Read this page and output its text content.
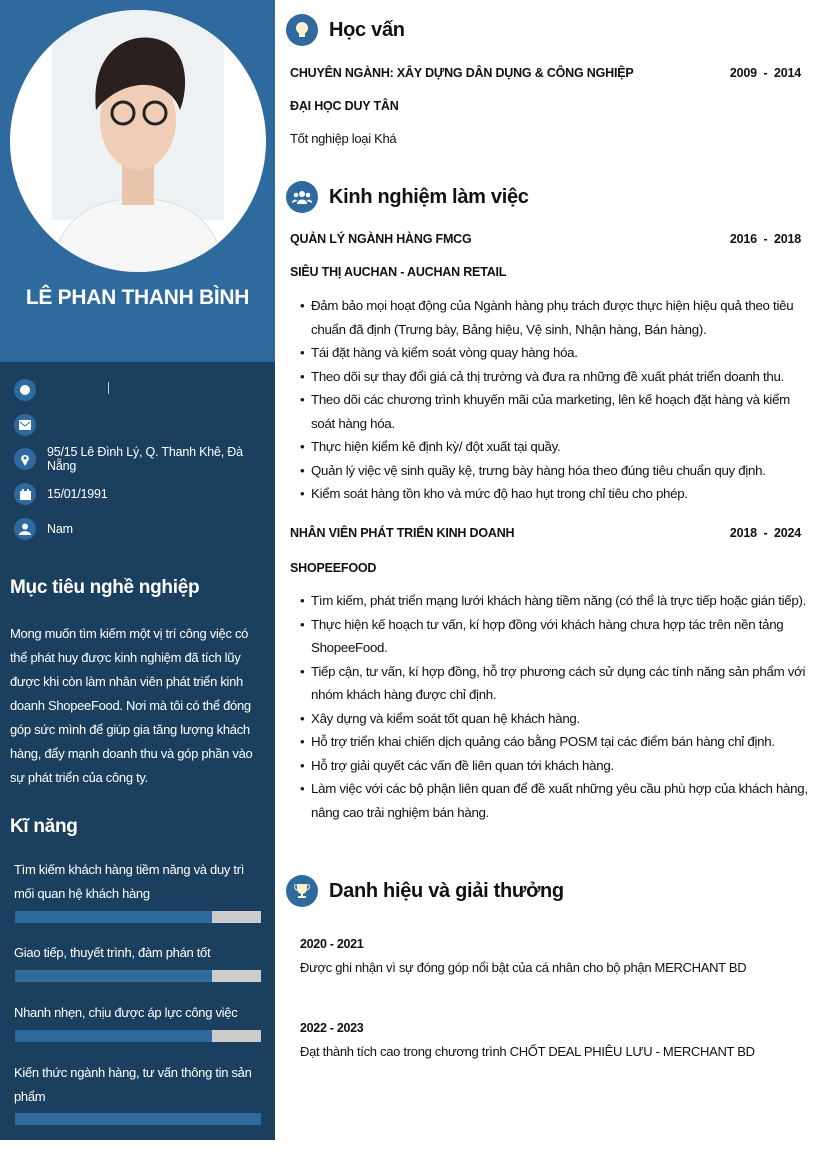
LÊ PHAN THANH BÌNH
95/15 Lê Đình Lý, Q. Thanh Khê, Đà Nẵng
15/01/1991
Nam
Mục tiêu nghề nghiệp
Mong muốn tìm kiếm một vị trí công việc có thể phát huy được kinh nghiệm đã tích lũy được khi còn làm nhân viên phát triển kinh doanh ShopeeFood. Nơi mà tôi có thể đóng góp sức mình để giúp gia tăng lượng khách hàng, đẩy mạnh doanh thu và góp phần vào sự phát triển của công ty.
Kĩ năng
Tìm kiếm khách hàng tiềm năng và duy trì mối quan hệ khách hàng
Giao tiếp, thuyết trình, đàm phán tốt
Nhanh nhẹn, chịu được áp lực công việc
Kiến thức ngành hàng, tư vấn thông tin sản phẩm
Học vấn
CHUYÊN NGÀNH: XÂY DỰNG DÂN DỤNG & CÔNG NGHIỆP	2009  -  2014
ĐẠI HỌC DUY TÂN
Tốt nghiệp loại Khá
Kinh nghiệm làm việc
QUẢN LÝ NGÀNH HÀNG FMCG	2016  -  2018
SIÊU THỊ AUCHAN - AUCHAN RETAIL
• Đảm bảo mọi hoạt động của Ngành hàng phụ trách được thực hiện hiệu quả theo tiêu chuẩn đã định (Trưng bày, Bảng hiệu, Vệ sinh, Nhận hàng, Bán hàng).
• Tái đặt hàng và kiểm soát vòng quay hàng hóa.
• Theo dõi sự thay đổi giá cả thị trường và đưa ra những đề xuất phát triển doanh thu.
• Theo dõi các chương trình khuyến mãi của marketing, lên kế hoạch đặt hàng và kiểm soát hàng hóa.
• Thực hiện kiểm kê định kỳ/ đột xuất tại quầy.
• Quản lý việc vệ sinh quầy kệ, trưng bày hàng hóa theo đúng tiêu chuẩn quy định.
• Kiểm soát hàng tồn kho và mức độ hao hụt trong chỉ tiêu cho phép.
NHÂN VIÊN PHÁT TRIỂN KINH DOANH	2018  -  2024
SHOPEEFOOD
• Tìm kiếm, phát triển mạng lưới khách hàng tiềm năng (có thể là trực tiếp hoặc gián tiếp).
• Thực hiện kế hoạch tư vấn, kí hợp đồng với khách hàng chưa hợp tác trên nền tảng ShopeeFood.
• Tiếp cận, tư vấn, kí hợp đồng, hỗ trợ phương cách sử dụng các tính năng sản phẩm với nhóm khách hàng được chỉ định.
• Xây dựng và kiểm soát tốt quan hệ khách hàng.
• Hỗ trợ triển khai chiến dịch quảng cáo bằng POSM tại các điểm bán hàng chỉ định.
• Hỗ trợ giải quyết các vấn đề liên quan tới khách hàng.
• Làm việc với các bộ phận liên quan để đề xuất những yêu cầu phù hợp của khách hàng, nâng cao trải nghiệm bán hàng.
Danh hiệu và giải thưởng
2020 - 2021
Được ghi nhận vì sự đóng góp nổi bật của cá nhân cho bộ phận MERCHANT BD
2022 - 2023
Đạt thành tích cao trong chương trình CHỐT DEAL PHIÊU LƯU - MERCHANT BD
